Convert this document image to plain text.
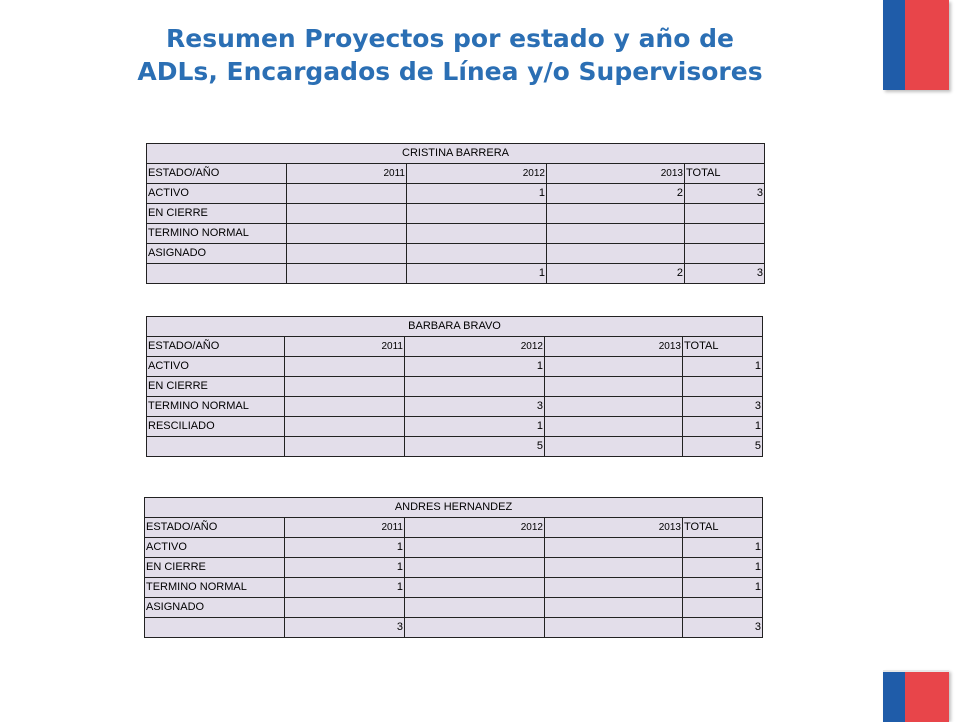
Resumen Proyectos por estado y año de
ADLs, Encargados de Línea y/o Supervisores
CRISTINA BARRERA				
ESTADO/AÑO	2011	2012	2013	TOTAL
ACTIVO		1	2	3
EN CIERRE				
TERMINO NORMAL				
ASIGNADO				
		1	2	3
BARBARA BRAVO				
ESTADO/AÑO	2011	2012	2013	TOTAL
ACTIVO		1		1
EN CIERRE				
TERMINO NORMAL		3		3
RESCILIADO		1		1
		5		5
ANDRES HERNANDEZ				
ESTADO/AÑO	2011	2012	2013	TOTAL
ACTIVO	1			1
EN CIERRE	1			1
TERMINO NORMAL	1			1
ASIGNADO				
	3			3
